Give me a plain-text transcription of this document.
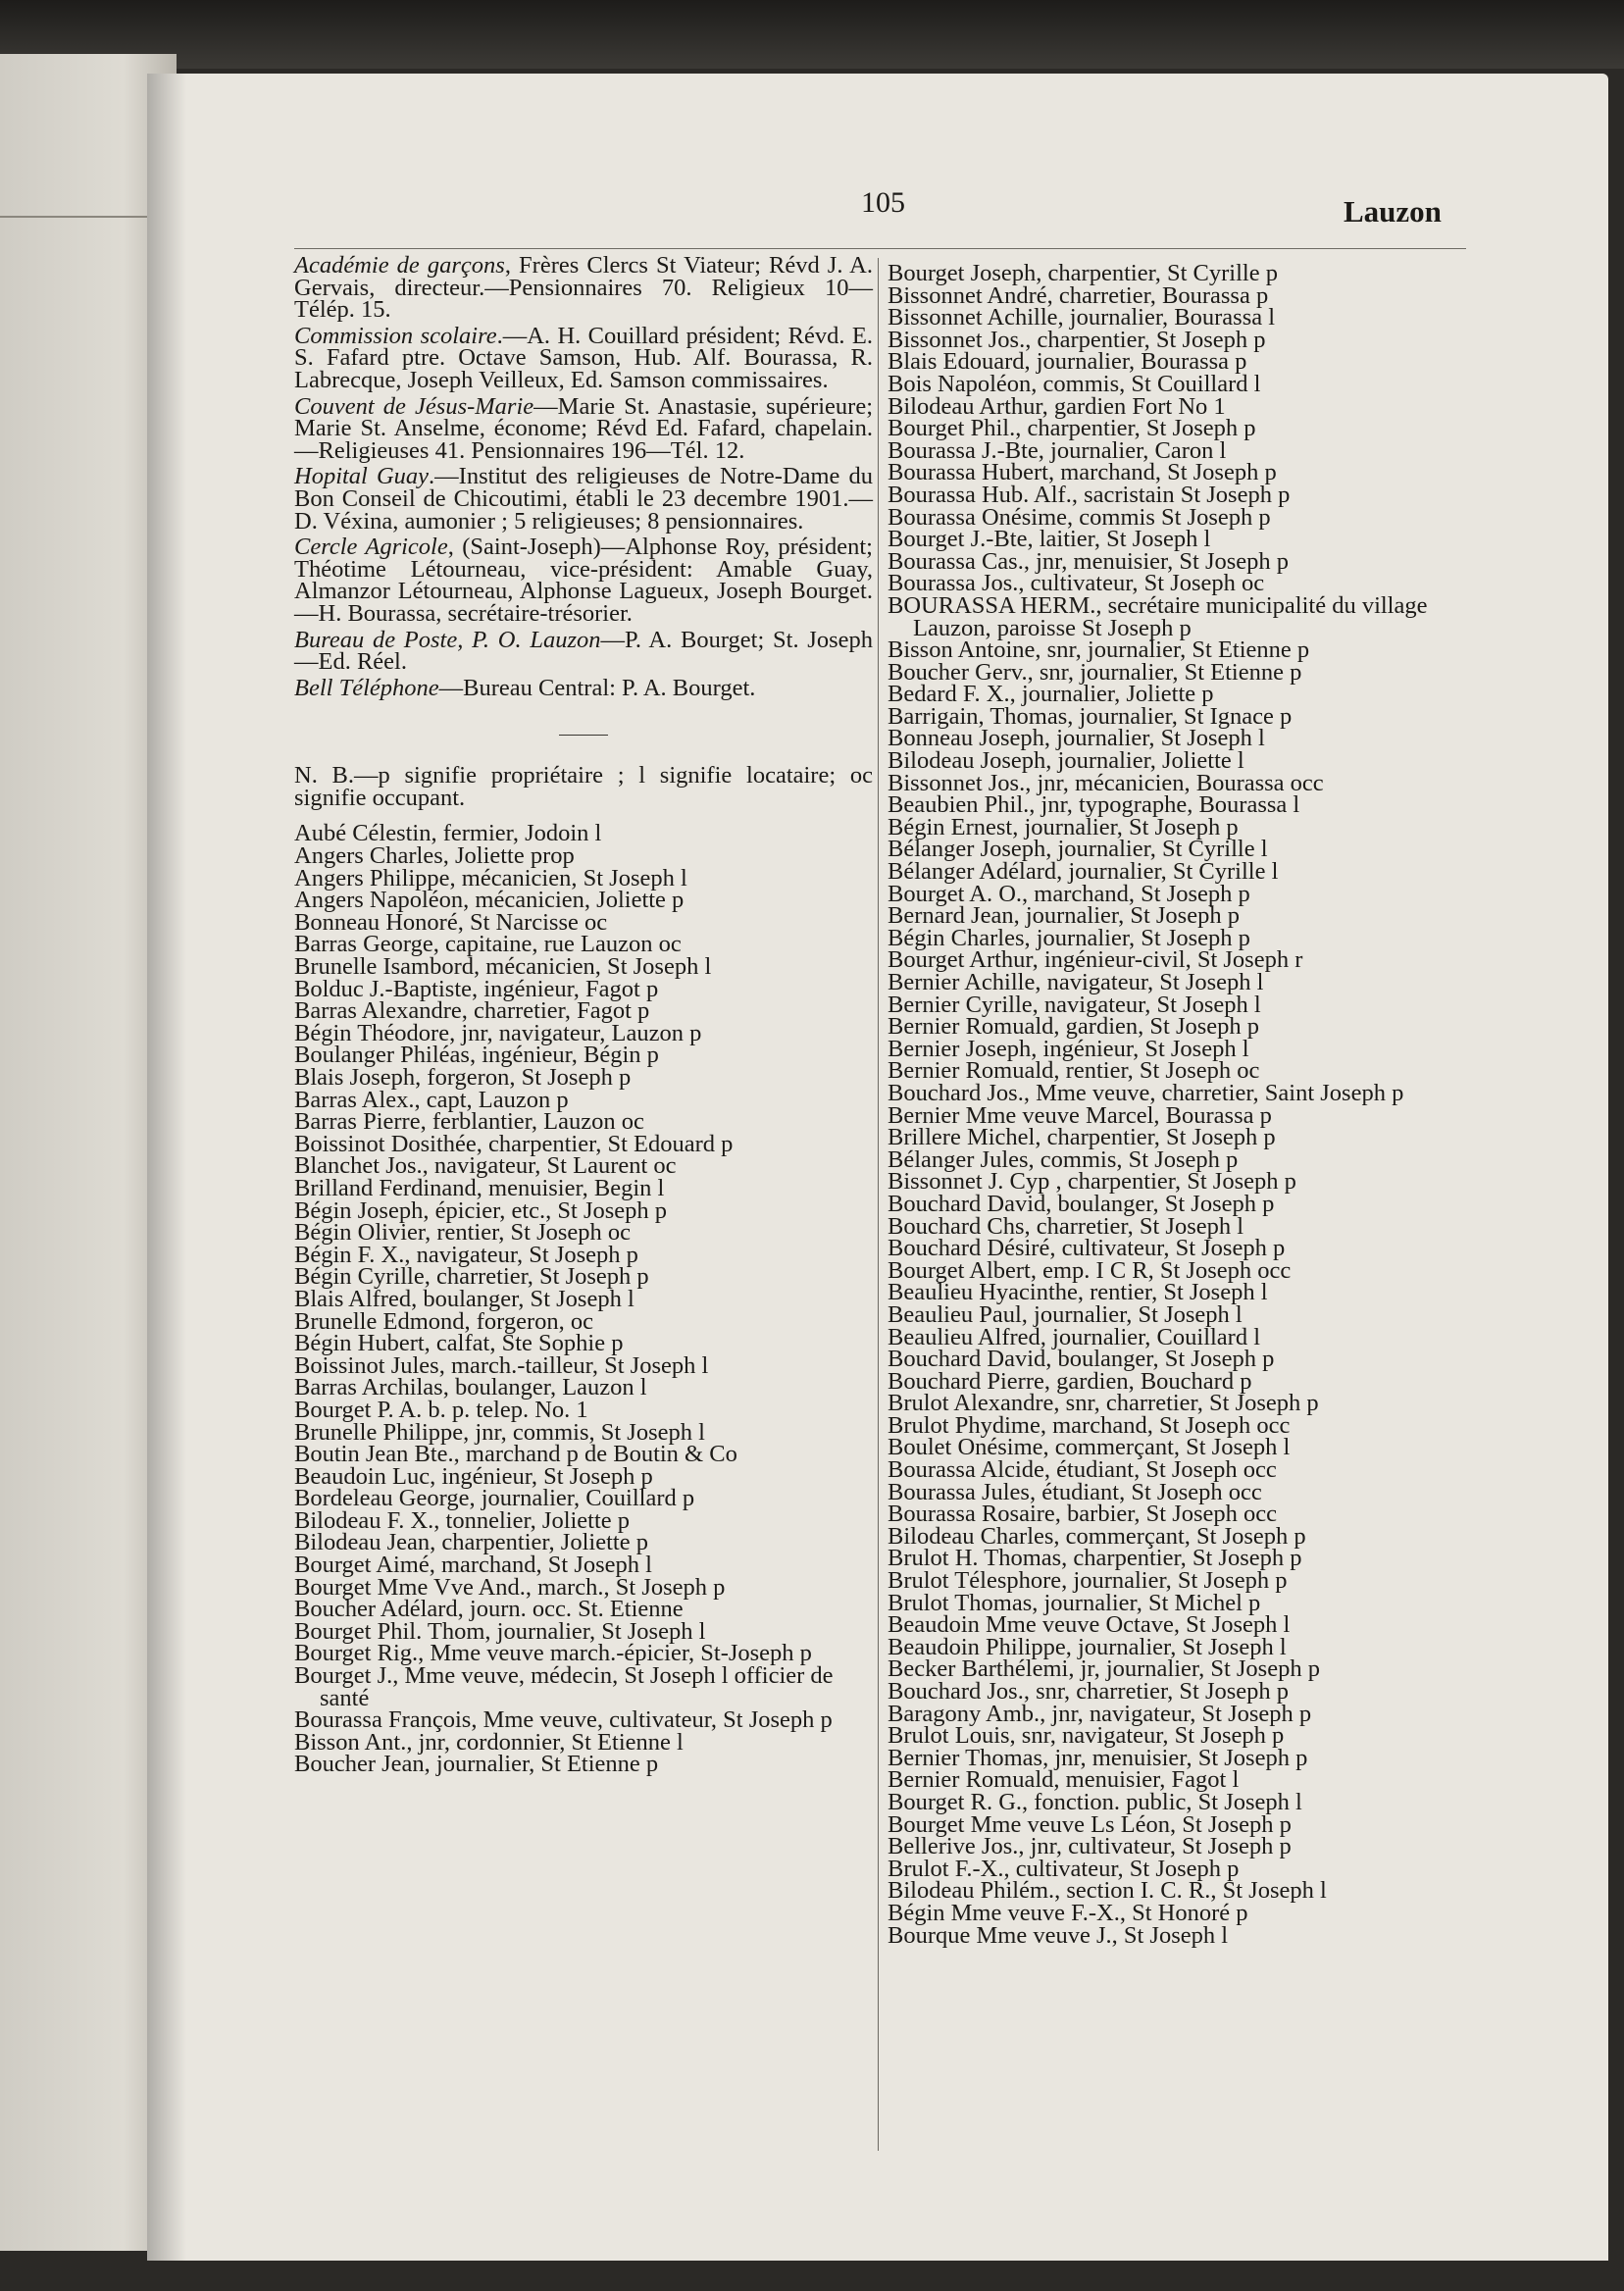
105	Lauzon

Académie de garçons, Frères Clercs St Viateur; Révd J. A. Gervais, directeur.—Pensionnaires 70. Religieux 10—Télép. 15.

Commission scolaire.—A. H. Couillard président; Révd. E. S. Fafard ptre. Octave Samson, Hub. Alf. Bourassa, R. Labrecque, Joseph Veilleux, Ed. Samson commissaires.

Couvent de Jésus-Marie—Marie St. Anastasie, supérieure; Marie St. Anselme, économe; Révd Ed. Fafard, chapelain.—Religieuses 41. Pensionnaires 196—Tél. 12.

Hopital Guay.—Institut des religieuses de Notre-Dame du Bon Conseil de Chicoutimi, établi le 23 decembre 1901.—D. Véxina, aumonier ; 5 religieuses; 8 pensionnaires.

Cercle Agricole, (Saint-Joseph)—Alphonse Roy, président; Théotime Létourneau, vice-président: Amable Guay, Almanzor Létourneau, Alphonse Lagueux, Joseph Bourget.—H. Bourassa, secrétaire-trésorier.

Bureau de Poste, P. O. Lauzon—P. A. Bourget; St. Joseph—Ed. Réel.

Bell Téléphone—Bureau Central: P. A. Bourget.

N. B.—p signifie propriétaire ; l signifie locataire; oc signifie occupant.

Aubé Célestin, fermier, Jodoin l

Angers Charles, Joliette prop

Angers Philippe, mécanicien, St Joseph l

Angers Napoléon, mécanicien, Joliette p

Bonneau Honoré, St Narcisse oc

Barras George, capitaine, rue Lauzon oc

Brunelle Isambord, mécanicien, St Joseph l

Bolduc J.-Baptiste, ingénieur, Fagot p

Barras Alexandre, charretier, Fagot p

Bégin Théodore, jnr, navigateur, Lauzon p

Boulanger Philéas, ingénieur, Bégin p

Blais Joseph, forgeron, St Joseph p

Barras Alex., capt, Lauzon p

Barras Pierre, ferblantier, Lauzon oc

Boissinot Dosithée, charpentier, St Edouard p

Blanchet Jos., navigateur, St Laurent oc

Brilland Ferdinand, menuisier, Begin l

Bégin Joseph, épicier, etc., St Joseph p

Bégin Olivier, rentier, St Joseph oc

Bégin F. X., navigateur, St Joseph p

Bégin Cyrille, charretier, St Joseph p

Blais Alfred, boulanger, St Joseph l

Brunelle Edmond, forgeron, oc

Bégin Hubert, calfat, Ste Sophie p

Boissinot Jules, march.-tailleur, St Joseph l

Barras Archilas, boulanger, Lauzon l

Bourget P. A. b. p. telep. No. 1

Brunelle Philippe, jnr, commis, St Joseph l

Boutin Jean Bte., marchand p de Boutin & Co

Beaudoin Luc, ingénieur, St Joseph p

Bordeleau George, journalier, Couillard p

Bilodeau F. X., tonnelier, Joliette p

Bilodeau Jean, charpentier, Joliette p

Bourget Aimé, marchand, St Joseph l

Bourget Mme Vve And., march., St Joseph p

Boucher Adélard, journ. occ. St. Etienne

Bourget Phil. Thom, journalier, St Joseph l

Bourget Rig., Mme veuve march.-épicier, St-Joseph p

Bourget J., Mme veuve, médecin, St Joseph l officier de santé

Bourassa François, Mme veuve, cultivateur, St Joseph p

Bisson Ant., jnr, cordonnier, St Etienne l

Boucher Jean, journalier, St Etienne p

Bourget Joseph, charpentier, St Cyrille p

Bissonnet André, charretier, Bourassa p

Bissonnet Achille, journalier, Bourassa l

Bissonnet Jos., charpentier, St Joseph p

Blais Edouard, journalier, Bourassa p

Bois Napoléon, commis, St Couillard l

Bilodeau Arthur, gardien Fort No 1

Bourget Phil., charpentier, St Joseph p

Bourassa J.-Bte, journalier, Caron l

Bourassa Hubert, marchand, St Joseph p

Bourassa Hub. Alf., sacristain St Joseph p

Bourassa Onésime, commis St Joseph p

Bourget J.-Bte, laitier, St Joseph l

Bourassa Cas., jnr, menuisier, St Joseph p

Bourassa Jos., cultivateur, St Joseph oc

BOURASSA HERM., secrétaire municipalité du village Lauzon, paroisse St Joseph p

Bisson Antoine, snr, journalier, St Etienne p

Boucher Gerv., snr, journalier, St Etienne p

Bedard F. X., journalier, Joliette p

Barrigain, Thomas, journalier, St Ignace p

Bonneau Joseph, journalier, St Joseph l

Bilodeau Joseph, journalier, Joliette l

Bissonnet Jos., jnr, mécanicien, Bourassa occ

Beaubien Phil., jnr, typographe, Bourassa l

Bégin Ernest, journalier, St Joseph p

Bélanger Joseph, journalier, St Cyrille l

Bélanger Adélard, journalier, St Cyrille l

Bourget A. O., marchand, St Joseph p

Bernard Jean, journalier, St Joseph p

Bégin Charles, journalier, St Joseph p

Bourget Arthur, ingénieur-civil, St Joseph r

Bernier Achille, navigateur, St Joseph l

Bernier Cyrille, navigateur, St Joseph l

Bernier Romuald, gardien, St Joseph p

Bernier Joseph, ingénieur, St Joseph l

Bernier Romuald, rentier, St Joseph oc

Bouchard Jos., Mme veuve, charretier, Saint Joseph p

Bernier Mme veuve Marcel, Bourassa p

Brillere Michel, charpentier, St Joseph p

Bélanger Jules, commis, St Joseph p

Bissonnet J. Cyp , charpentier, St Joseph p

Bouchard David, boulanger, St Joseph p

Bouchard Chs, charretier, St Joseph l

Bouchard Désiré, cultivateur, St Joseph p

Bourget Albert, emp. I C R, St Joseph occ

Beaulieu Hyacinthe, rentier, St Joseph l

Beaulieu Paul, journalier, St Joseph l

Beaulieu Alfred, journalier, Couillard l

Bouchard David, boulanger, St Joseph p

Bouchard Pierre, gardien, Bouchard p

Brulot Alexandre, snr, charretier, St Joseph p

Brulot Phydime, marchand, St Joseph occ

Boulet Onésime, commerçant, St Joseph l

Bourassa Alcide, étudiant, St Joseph occ

Bourassa Jules, étudiant, St Joseph occ

Bourassa Rosaire, barbier, St Joseph occ

Bilodeau Charles, commerçant, St Joseph p

Brulot H. Thomas, charpentier, St Joseph p

Brulot Télesphore, journalier, St Joseph p

Brulot Thomas, journalier, St Michel p

Beaudoin Mme veuve Octave, St Joseph l

Beaudoin Philippe, journalier, St Joseph l

Becker Barthélemi, jr, journalier, St Joseph p

Bouchard Jos., snr, charretier, St Joseph p

Baragony Amb., jnr, navigateur, St Joseph p

Brulot Louis, snr, navigateur, St Joseph p

Bernier Thomas, jnr, menuisier, St Joseph p

Bernier Romuald, menuisier, Fagot l

Bourget R. G., fonction. public, St Joseph l

Bourget Mme veuve Ls Léon, St Joseph p

Bellerive Jos., jnr, cultivateur, St Joseph p

Brulot F.-X., cultivateur, St Joseph p

Bilodeau Philém., section I. C. R., St Joseph l

Bégin Mme veuve F.-X., St Honoré p

Bourque Mme veuve J., St Joseph l
